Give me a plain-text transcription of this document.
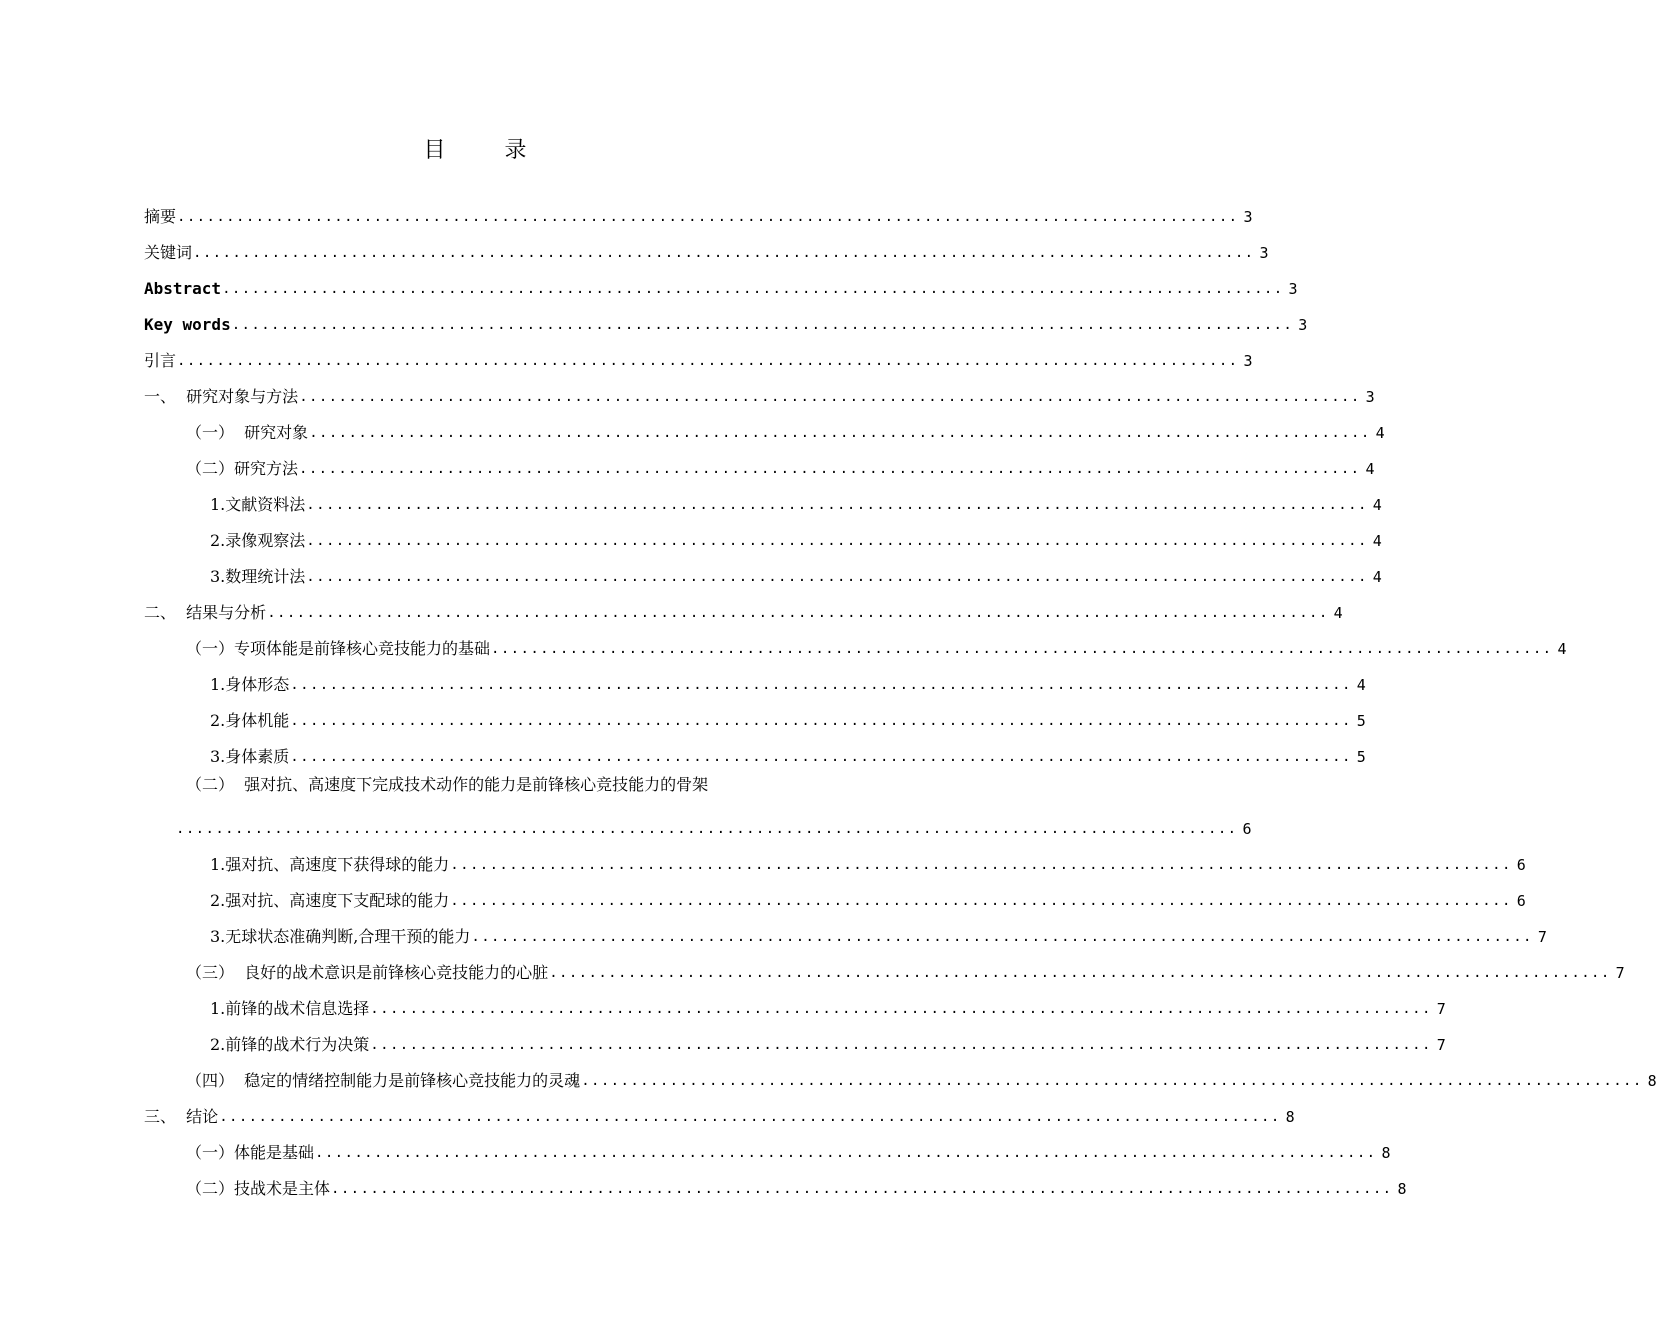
目 录
摘要 ............................................................................................................ 3
关键词 ............................................................................................................ 3
Abstract ............................................................................................................ 3
Key words ............................................................................................................ 3
引言 ............................................................................................................ 3
一、  研究对象与方法 ............................................................................................................ 3
（一）  研究对象 ............................................................................................................ 4
（二）研究方法 ............................................................................................................ 4
1.文献资料法 ............................................................................................................ 4
2.录像观察法 ............................................................................................................ 4
3.数理统计法 ............................................................................................................ 4
二、  结果与分析 ............................................................................................................ 4
（一）专项体能是前锋核心竞技能力的基础 ............................................................................................................ 4
1.身体形态 ............................................................................................................ 4
2.身体机能 ............................................................................................................ 5
3.身体素质 ............................................................................................................ 5
（二）  强对抗、高速度下完成技术动作的能力是前锋核心竞技能力的骨架
............................................................................................................ 6
1.强对抗、高速度下获得球的能力 ............................................................................................................ 6
2.强对抗、高速度下支配球的能力 ............................................................................................................ 6
3.无球状态准确判断,合理干预的能力 ............................................................................................................ 7
（三）  良好的战术意识是前锋核心竞技能力的心脏 ............................................................................................................ 7
1.前锋的战术信息选择 ............................................................................................................ 7
2.前锋的战术行为决策 ............................................................................................................ 7
（四）  稳定的情绪控制能力是前锋核心竞技能力的灵魂 ............................................................................................................ 8
三、  结论 ............................................................................................................ 8
（一）体能是基础 ............................................................................................................ 8
（二）技战术是主体 ............................................................................................................ 8
